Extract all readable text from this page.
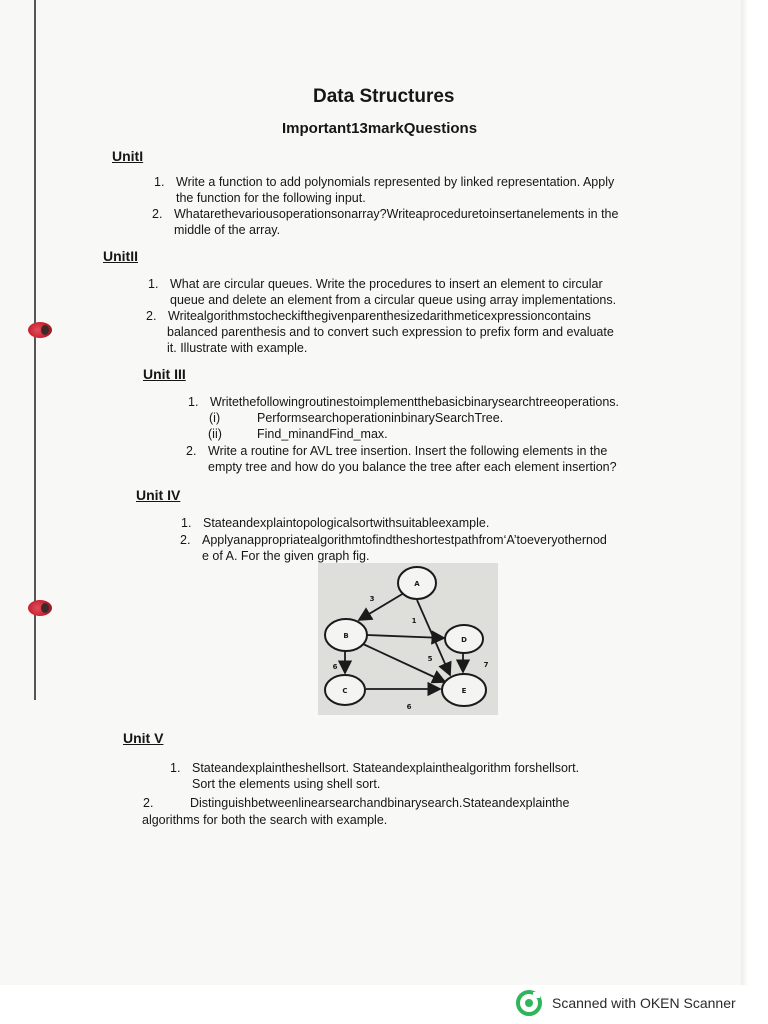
Data Structures
Important13markQuestions
UnitI
1. Write a function to add polynomials represented by linked representation. Apply
the function for the following input.
2. Whatarethevariousoperationsonarray?Writeaproceduretoinsertanelements in the
middle of the array.
UnitII
1. What are circular queues. Write the procedures to insert an element to circular
queue and delete an element from a circular queue using array implementations.
2. Writealgorithmstocheckifthegivenparenthesizedarithmeticexpressioncontains
balanced parenthesis and to convert such expression to prefix form and evaluate
it. Illustrate with example.
Unit III
1. Writethefollowingroutinestoimplementthebasicbinarysearchtreeoperations.
(i)	PerformsearchoperationinbinarySearchTree.
(ii)	Find_minandFind_max.
2. Write a routine for AVL tree insertion. Insert the following elements in the
empty tree and how do you balance the tree after each element insertion?
Unit IV
1. Stateandexplaintopologicalsortwithsuitableexample.
2. Applyanappropriatealgorithmtofindtheshortestpathfrom‘A’toeveryothernod
e of A. For the given graph fig.
A
B	D
C	E
3
1
6
5
7
6
Unit V
1. Stateandexplaintheshellsort. Stateandexplainthealgorithm forshellsort.
Sort the elements using shell sort.
2.	Distinguishbetweenlinearsearchandbinarysearch.Stateandexplainthe
algorithms for both the search with example.
Scanned with OKEN Scanner
